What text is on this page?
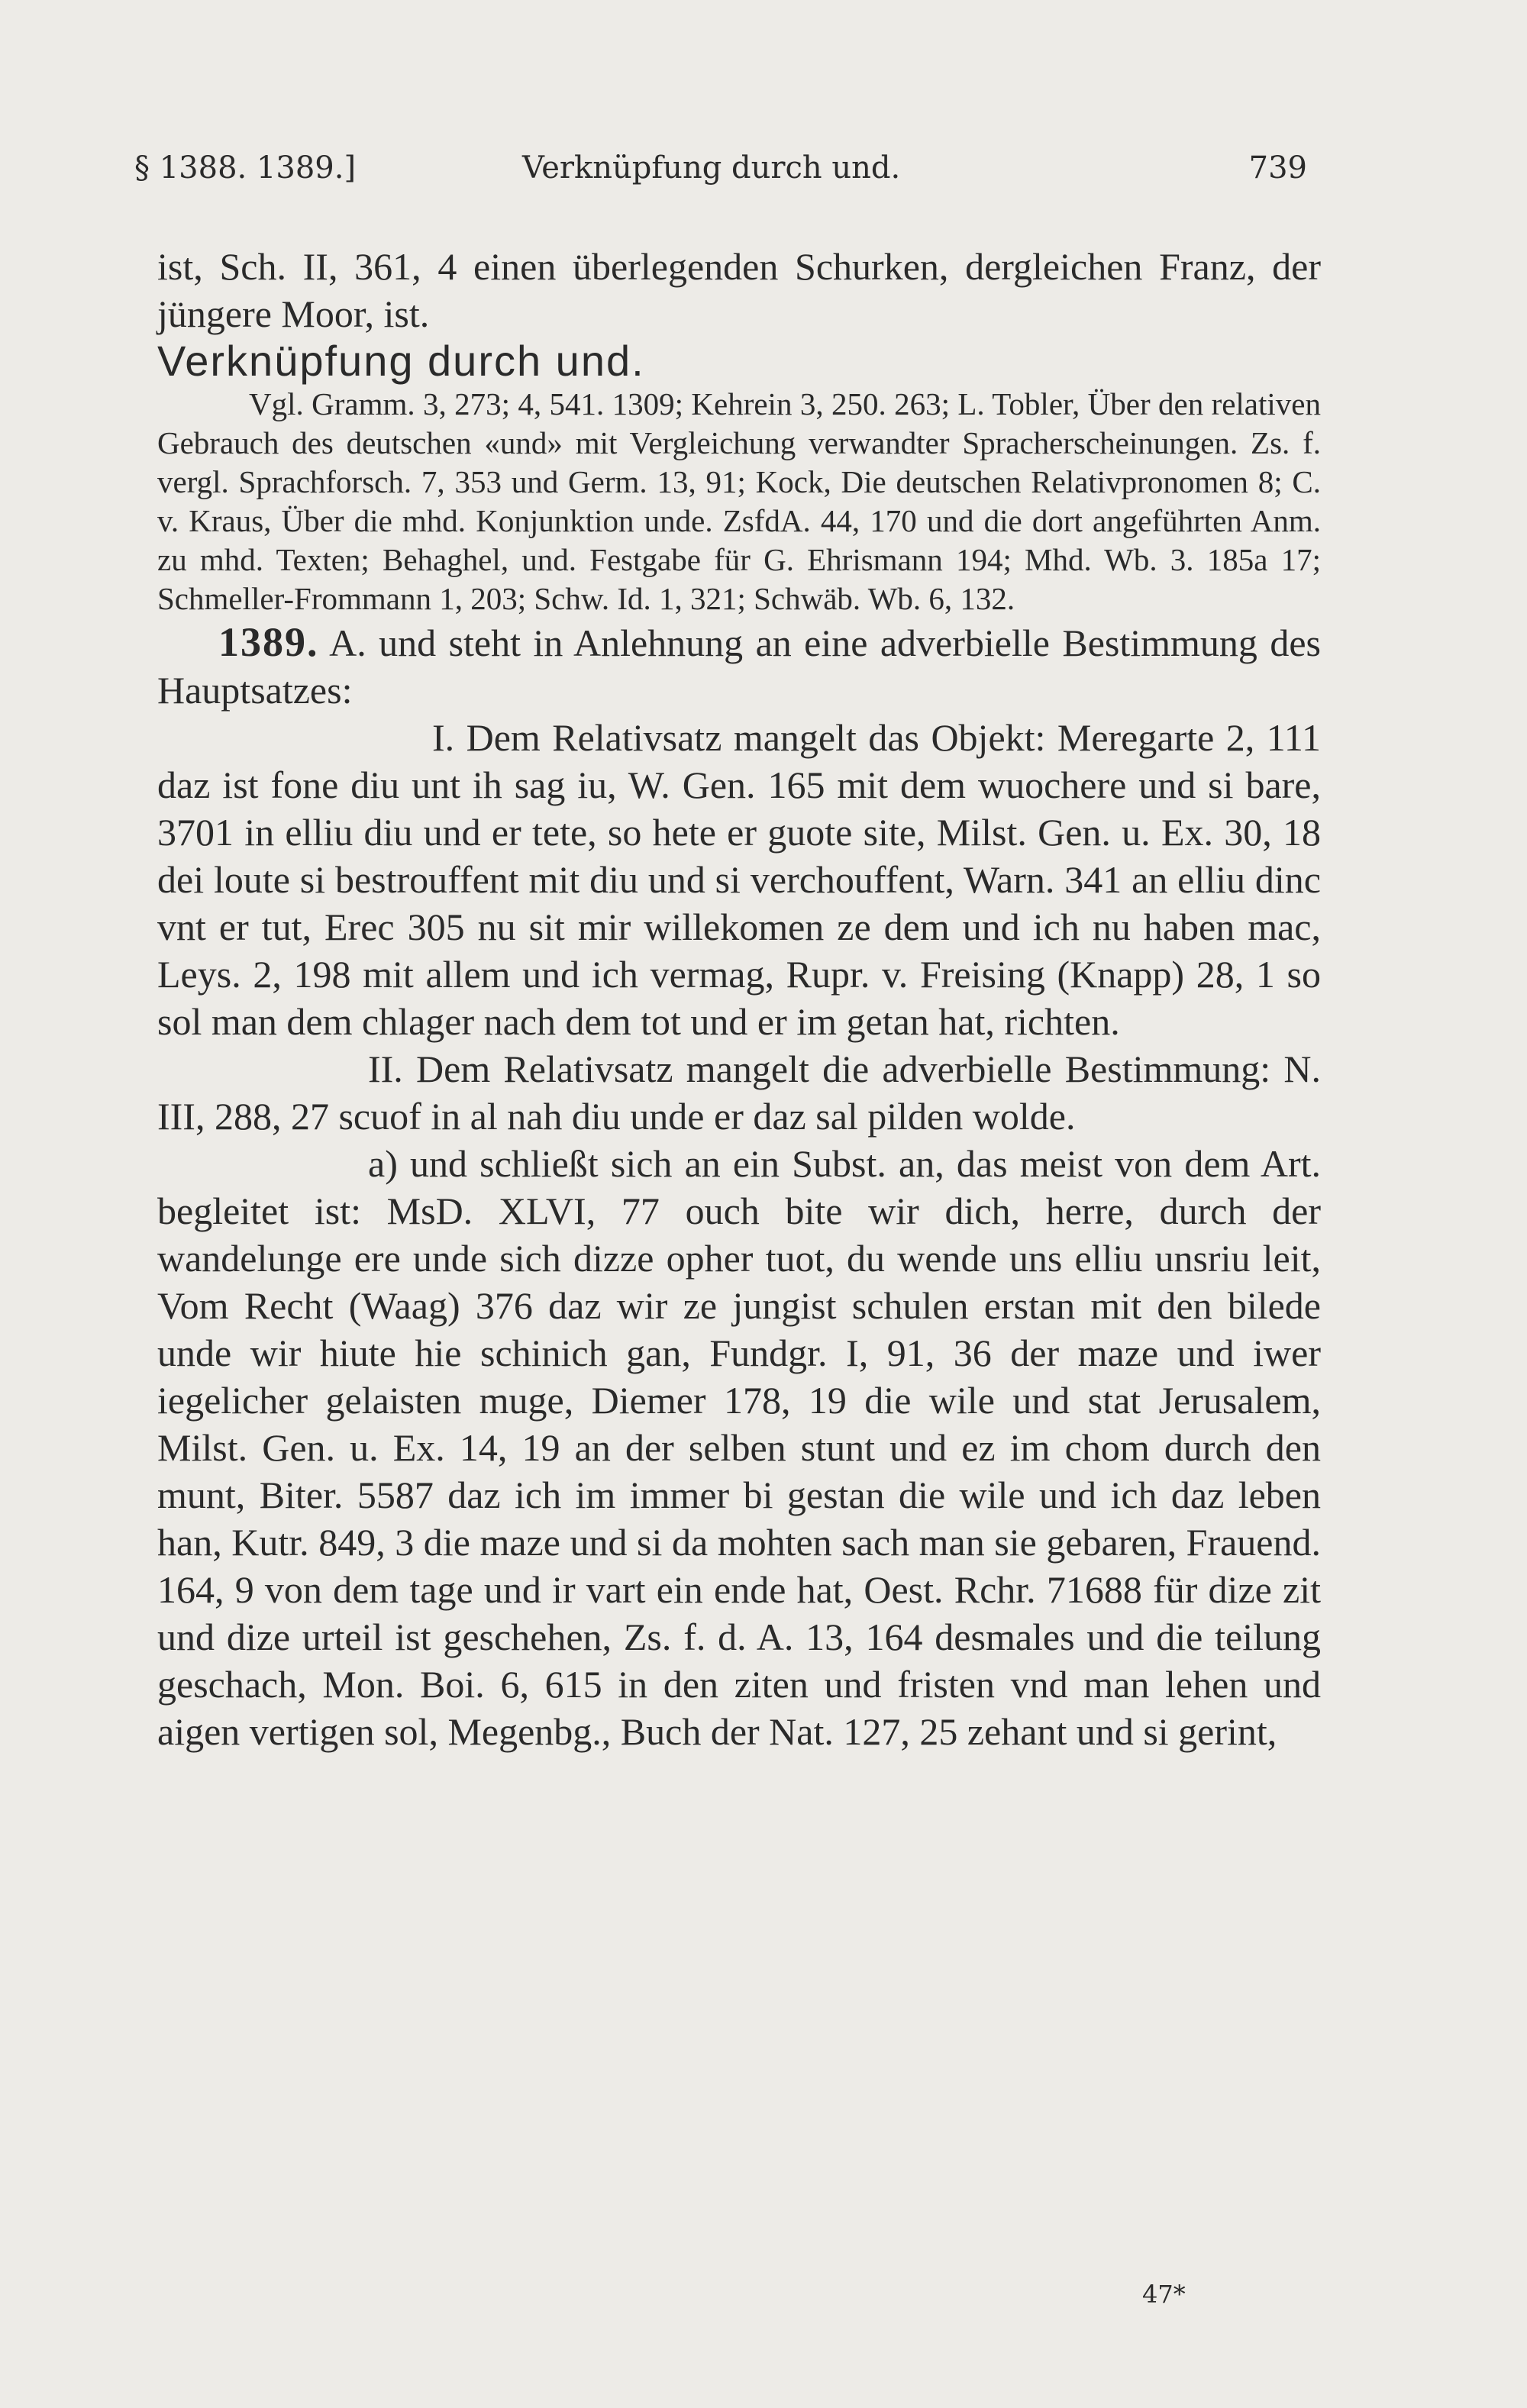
§ 1388. 1389.]	Verknüpfung durch und.	739

ist, Sch. II, 361, 4 einen überlegenden Schurken, dergleichen Franz, der jüngere Moor, ist.

Verknüpfung durch und.

Vgl. Gramm. 3, 273; 4, 541. 1309; Kehrein 3, 250. 263; L. Tobler, Über den relativen Gebrauch des deutschen «und» mit Vergleichung verwandter Spracherscheinungen. Zs. f. vergl. Sprachforsch. 7, 353 und Germ. 13, 91; Kock, Die deutschen Relativpronomen 8; C. v. Kraus, Über die mhd. Konjunktion unde. ZsfdA. 44, 170 und die dort angeführten Anm. zu mhd. Texten; Behaghel, und. Festgabe für G. Ehrismann 194; Mhd. Wb. 3. 185a 17; Schmeller-Frommann 1, 203; Schw. Id. 1, 321; Schwäb. Wb. 6, 132.

1389. A. und steht in Anlehnung an eine adverbielle Bestimmung des Hauptsatzes:

I. Dem Relativsatz mangelt das Objekt: Meregarte 2, 111 daz ist fone diu unt ih sag iu, W. Gen. 165 mit dem wuochere und si bare, 3701 in elliu diu und er tete, so hete er guote site, Milst. Gen. u. Ex. 30, 18 dei loute si bestrouffent mit diu und si verchouffent, Warn. 341 an elliu dinc vnt er tut, Erec 305 nu sit mir willekomen ze dem und ich nu haben mac, Leys. 2, 198 mit allem und ich vermag, Rupr. v. Freising (Knapp) 28, 1 so sol man dem chlager nach dem tot und er im getan hat, richten.

II. Dem Relativsatz mangelt die adverbielle Bestimmung: N. III, 288, 27 scuof in al nah diu unde er daz sal pilden wolde.

a) und schließt sich an ein Subst. an, das meist von dem Art. begleitet ist: MsD. XLVI, 77 ouch bite wir dich, herre, durch der wandelunge ere unde sich dizze opher tuot, du wende uns elliu unsriu leit, Vom Recht (Waag) 376 daz wir ze jungist schulen erstan mit den bilede unde wir hiute hie schinich gan, Fundgr. I, 91, 36 der maze und iwer iegelicher gelaisten muge, Diemer 178, 19 die wile und stat Jerusalem, Milst. Gen. u. Ex. 14, 19 an der selben stunt und ez im chom durch den munt, Biter. 5587 daz ich im immer bi gestan die wile und ich daz leben han, Kutr. 849, 3 die maze und si da mohten sach man sie gebaren, Frauend. 164, 9 von dem tage und ir vart ein ende hat, Oest. Rchr. 71688 für dize zit und dize urteil ist geschehen, Zs. f. d. A. 13, 164 desmales und die teilung geschach, Mon. Boi. 6, 615 in den ziten und fristen vnd man lehen und aigen vertigen sol, Megenbg., Buch der Nat. 127, 25 zehant und si gerint,

47*
